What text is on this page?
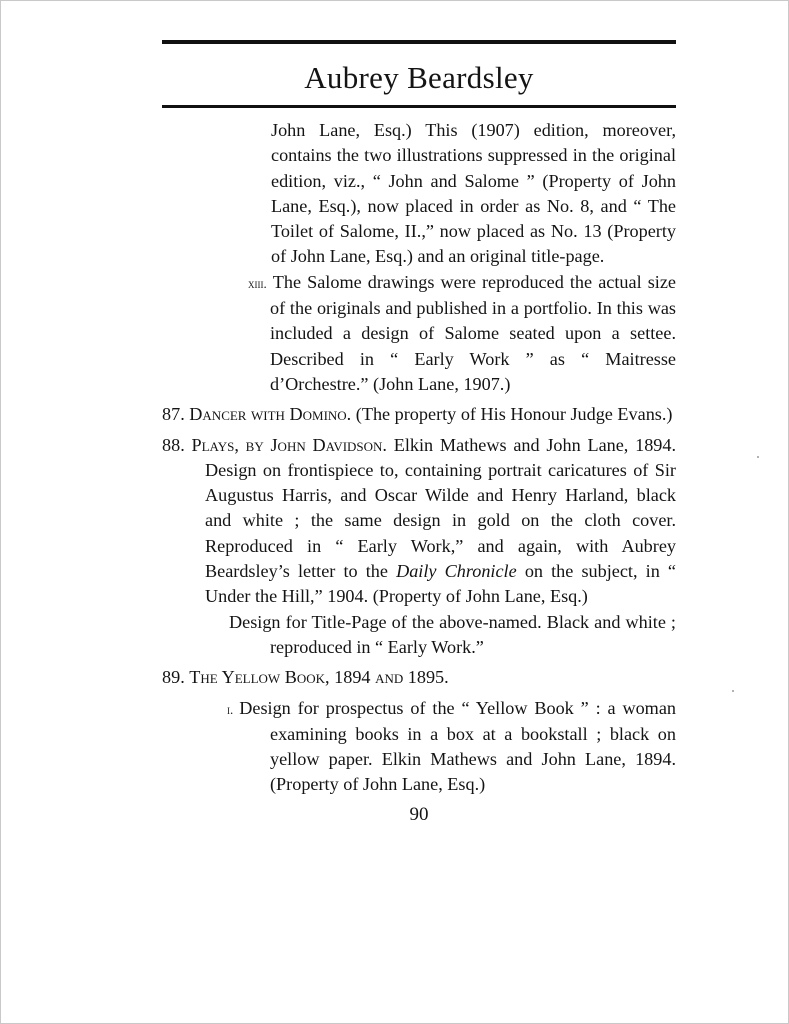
Aubrey Beardsley

John Lane, Esq.) This (1907) edition, moreover, contains the two illustrations suppressed in the original edition, viz., “ John and Salome ” (Property of John Lane, Esq.), now placed in order as No. 8, and “ The Toilet of Salome, II.,” now placed as No. 13 (Property of John Lane, Esq.) and an original title-page.

xiii. The Salome drawings were reproduced the actual size of the originals and published in a portfolio. In this was included a design of Salome seated upon a settee. Described in “ Early Work ” as “ Maitresse d’Orchestre.” (John Lane, 1907.)

87. Dancer with Domino. (The property of His Honour Judge Evans.)

88. Plays, by John Davidson. Elkin Mathews and John Lane, 1894. Design on frontispiece to, containing portrait caricatures of Sir Augustus Harris, and Oscar Wilde and Henry Harland, black and white ; the same design in gold on the cloth cover. Reproduced in “ Early Work,” and again, with Aubrey Beardsley’s letter to the Daily Chronicle on the subject, in “ Under the Hill,” 1904. (Property of John Lane, Esq.)

Design for Title-Page of the above-named. Black and white ; reproduced in “ Early Work.”

89. The Yellow Book, 1894 and 1895.

i. Design for prospectus of the “ Yellow Book ” : a woman examining books in a box at a bookstall ; black on yellow paper. Elkin Mathews and John Lane, 1894. (Property of John Lane, Esq.)

90
